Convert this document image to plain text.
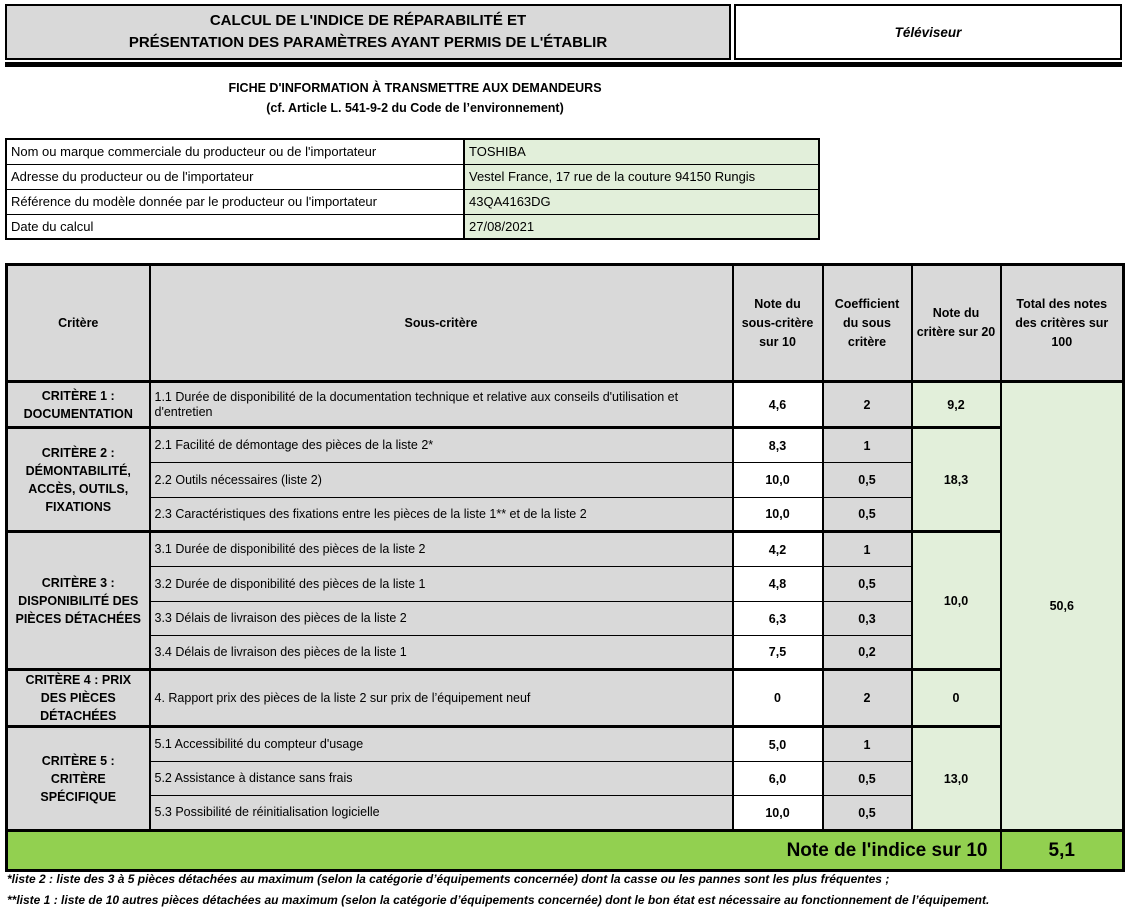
CALCUL DE L'INDICE DE RÉPARABILITÉ ET
PRÉSENTATION DES PARAMÈTRES AYANT PERMIS DE L'ÉTABLIR
Téléviseur
FICHE D'INFORMATION À TRANSMETTRE AUX DEMANDEURS
(cf. Article L. 541-9-2 du Code de l’environnement)
Nom ou marque commerciale du producteur ou de l'importateur	TOSHIBA
Adresse du producteur ou de l'importateur	Vestel France, 17 rue de la couture 94150 Rungis
Référence du modèle donnée par le producteur ou l'importateur	43QA4163DG
Date du calcul	27/08/2021
Critère	Sous-critère	Note du sous-critère sur 10	Coefficient du sous critère	Note du critère sur 20	Total des notes des critères sur 100
CRITÈRE 1 : DOCUMENTATION	1.1 Durée de disponibilité de la documentation technique et relative aux conseils d'utilisation et d'entretien	4,6	2	9,2	50,6
CRITÈRE 2 : DÉMONTABILITÉ, ACCÈS, OUTILS, FIXATIONS	2.1 Facilité de démontage des pièces de la liste 2*	8,3	1	18,3	
	2.2 Outils nécessaires (liste 2)	10,0	0,5		
	2.3 Caractéristiques des fixations entre les pièces de la liste 1** et de la liste 2	10,0	0,5		
CRITÈRE 3 : DISPONIBILITÉ DES PIÈCES DÉTACHÉES	3.1 Durée de disponibilité des pièces de la liste 2	4,2	1	10,0	
	3.2 Durée de disponibilité des pièces de la liste 1	4,8	0,5		
	3.3 Délais de livraison des pièces de la liste 2	6,3	0,3		
	3.4 Délais de livraison des pièces de la liste 1	7,5	0,2		
CRITÈRE 4 : PRIX DES PIÈCES DÉTACHÉES	4. Rapport prix des pièces de la liste 2 sur prix de l’équipement neuf	0	2	0	
CRITÈRE 5 : CRITÈRE SPÉCIFIQUE	5.1 Accessibilité du compteur d'usage	5,0	1	13,0	
	5.2 Assistance à distance sans frais	6,0	0,5		
	5.3 Possibilité de réinitialisation logicielle	10,0	0,5		
Note de l'indice sur 10					5,1
*liste 2 : liste des 3 à 5 pièces détachées au maximum (selon la catégorie d’équipements concernée) dont la casse ou les pannes sont les plus fréquentes ;
**liste 1 : liste de 10 autres pièces détachées au maximum (selon la catégorie d’équipements concernée) dont le bon état est nécessaire au fonctionnement de l’équipement.
